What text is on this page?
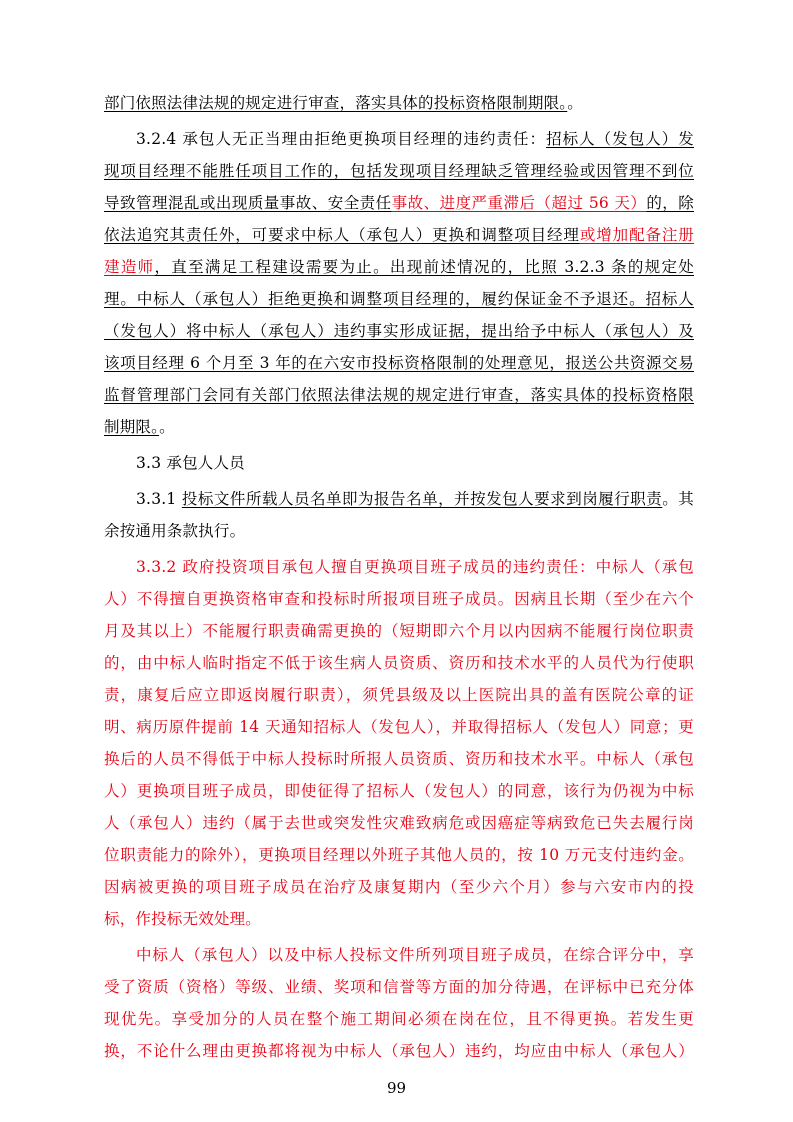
部门依照法律法规的规定进行审查，落实具体的投标资格限制期限。。
3.2.4 承包人无正当理由拒绝更换项目经理的违约责任：招标人（发包人）发
现项目经理不能胜任项目工作的，包括发现项目经理缺乏管理经验或因管理不到位
导致管理混乱或出现质量事故、安全责任事故、进度严重滞后（超过 56 天）的，除
依法追究其责任外，可要求中标人（承包人）更换和调整项目经理或增加配备注册
建造师，直至满足工程建设需要为止。出现前述情况的，比照 3.2.3 条的规定处
理。中标人（承包人）拒绝更换和调整项目经理的，履约保证金不予退还。招标人
（发包人）将中标人（承包人）违约事实形成证据，提出给予中标人（承包人）及
该项目经理 6 个月至 3 年的在六安市投标资格限制的处理意见，报送公共资源交易
监督管理部门会同有关部门依照法律法规的规定进行审查，落实具体的投标资格限
制期限。。
3.3 承包人人员
3.3.1 投标文件所载人员名单即为报告名单，并按发包人要求到岗履行职责。其
余按通用条款执行。
3.3.2 政府投资项目承包人擅自更换项目班子成员的违约责任：中标人（承包
人）不得擅自更换资格审查和投标时所报项目班子成员。因病且长期（至少在六个
月及其以上）不能履行职责确需更换的（短期即六个月以内因病不能履行岗位职责
的，由中标人临时指定不低于该生病人员资质、资历和技术水平的人员代为行使职
责，康复后应立即返岗履行职责），须凭县级及以上医院出具的盖有医院公章的证
明、病历原件提前 14 天通知招标人（发包人），并取得招标人（发包人）同意；更
换后的人员不得低于中标人投标时所报人员资质、资历和技术水平。中标人（承包
人）更换项目班子成员，即使征得了招标人（发包人）的同意，该行为仍视为中标
人（承包人）违约（属于去世或突发性灾难致病危或因癌症等病致危已失去履行岗
位职责能力的除外），更换项目经理以外班子其他人员的，按 10 万元支付违约金。
因病被更换的项目班子成员在治疗及康复期内（至少六个月）参与六安市内的投
标，作投标无效处理。
中标人（承包人）以及中标人投标文件所列项目班子成员，在综合评分中，享
受了资质（资格）等级、业绩、奖项和信誉等方面的加分待遇，在评标中已充分体
现优先。享受加分的人员在整个施工期间必须在岗在位，且不得更换。若发生更
换，不论什么理由更换都将视为中标人（承包人）违约，均应由中标人（承包人）
99
